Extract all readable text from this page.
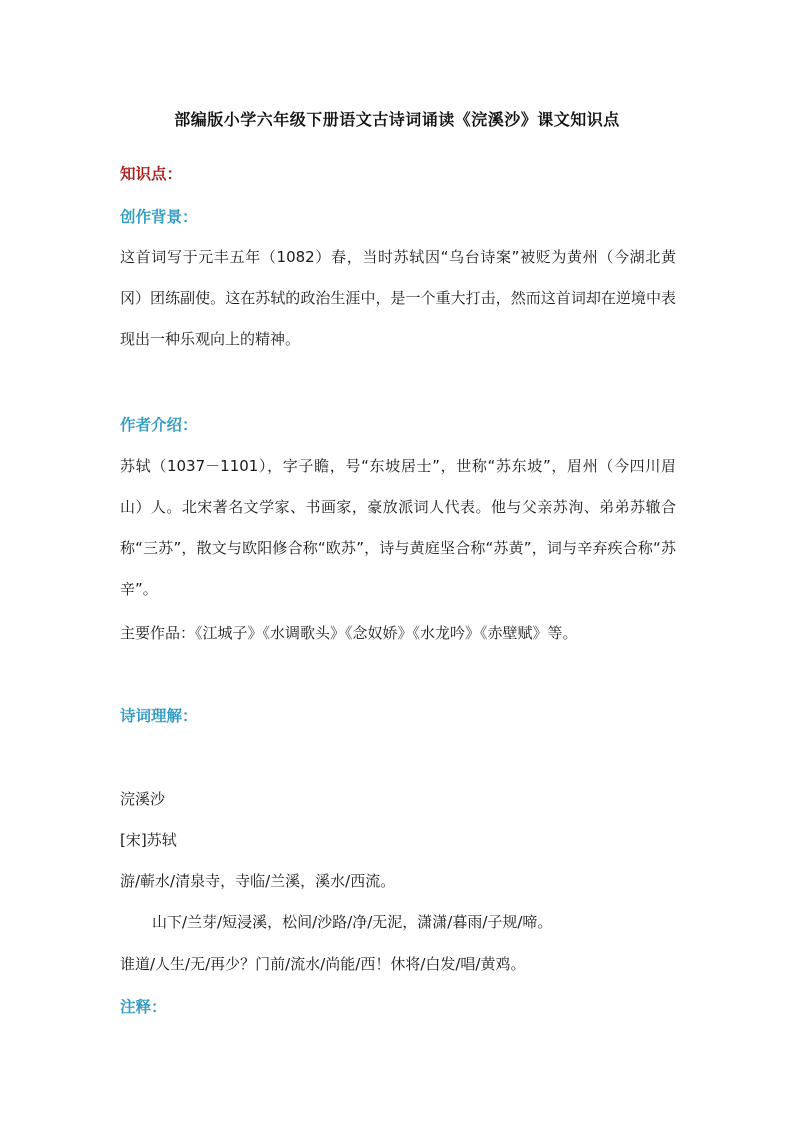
部编版小学六年级下册语文古诗词诵读《浣溪沙》课文知识点
知识点：
创作背景：
这首词写于元丰五年（1082）春，当时苏轼因“乌台诗案”被贬为黄州（今湖北黄冈）团练副使。这在苏轼的政治生涯中，是一个重大打击，然而这首词却在逆境中表现出一种乐观向上的精神。
作者介绍：
苏轼（1037－1101），字子瞻，号“东坡居士”，世称“苏东坡”，眉州（今四川眉山）人。北宋著名文学家、书画家，豪放派词人代表。他与父亲苏洵、弟弟苏辙合称“三苏”，散文与欧阳修合称“欧苏”，诗与黄庭坚合称“苏黄”，词与辛弃疾合称“苏辛”。
主要作品：《江城子》《水调歌头》《念奴娇》《水龙吟》《赤壁赋》等。
诗词理解：
浣溪沙
[宋]苏轼
游/蕲水/清泉寺，寺临/兰溪，溪水/西流。
山下/兰芽/短浸溪，松间/沙路/净/无泥，潇潇/暮雨/子规/啼。
谁道/人生/无/再少？门前/流水/尚能/西！休将/白发/唱/黄鸡。
注释：
